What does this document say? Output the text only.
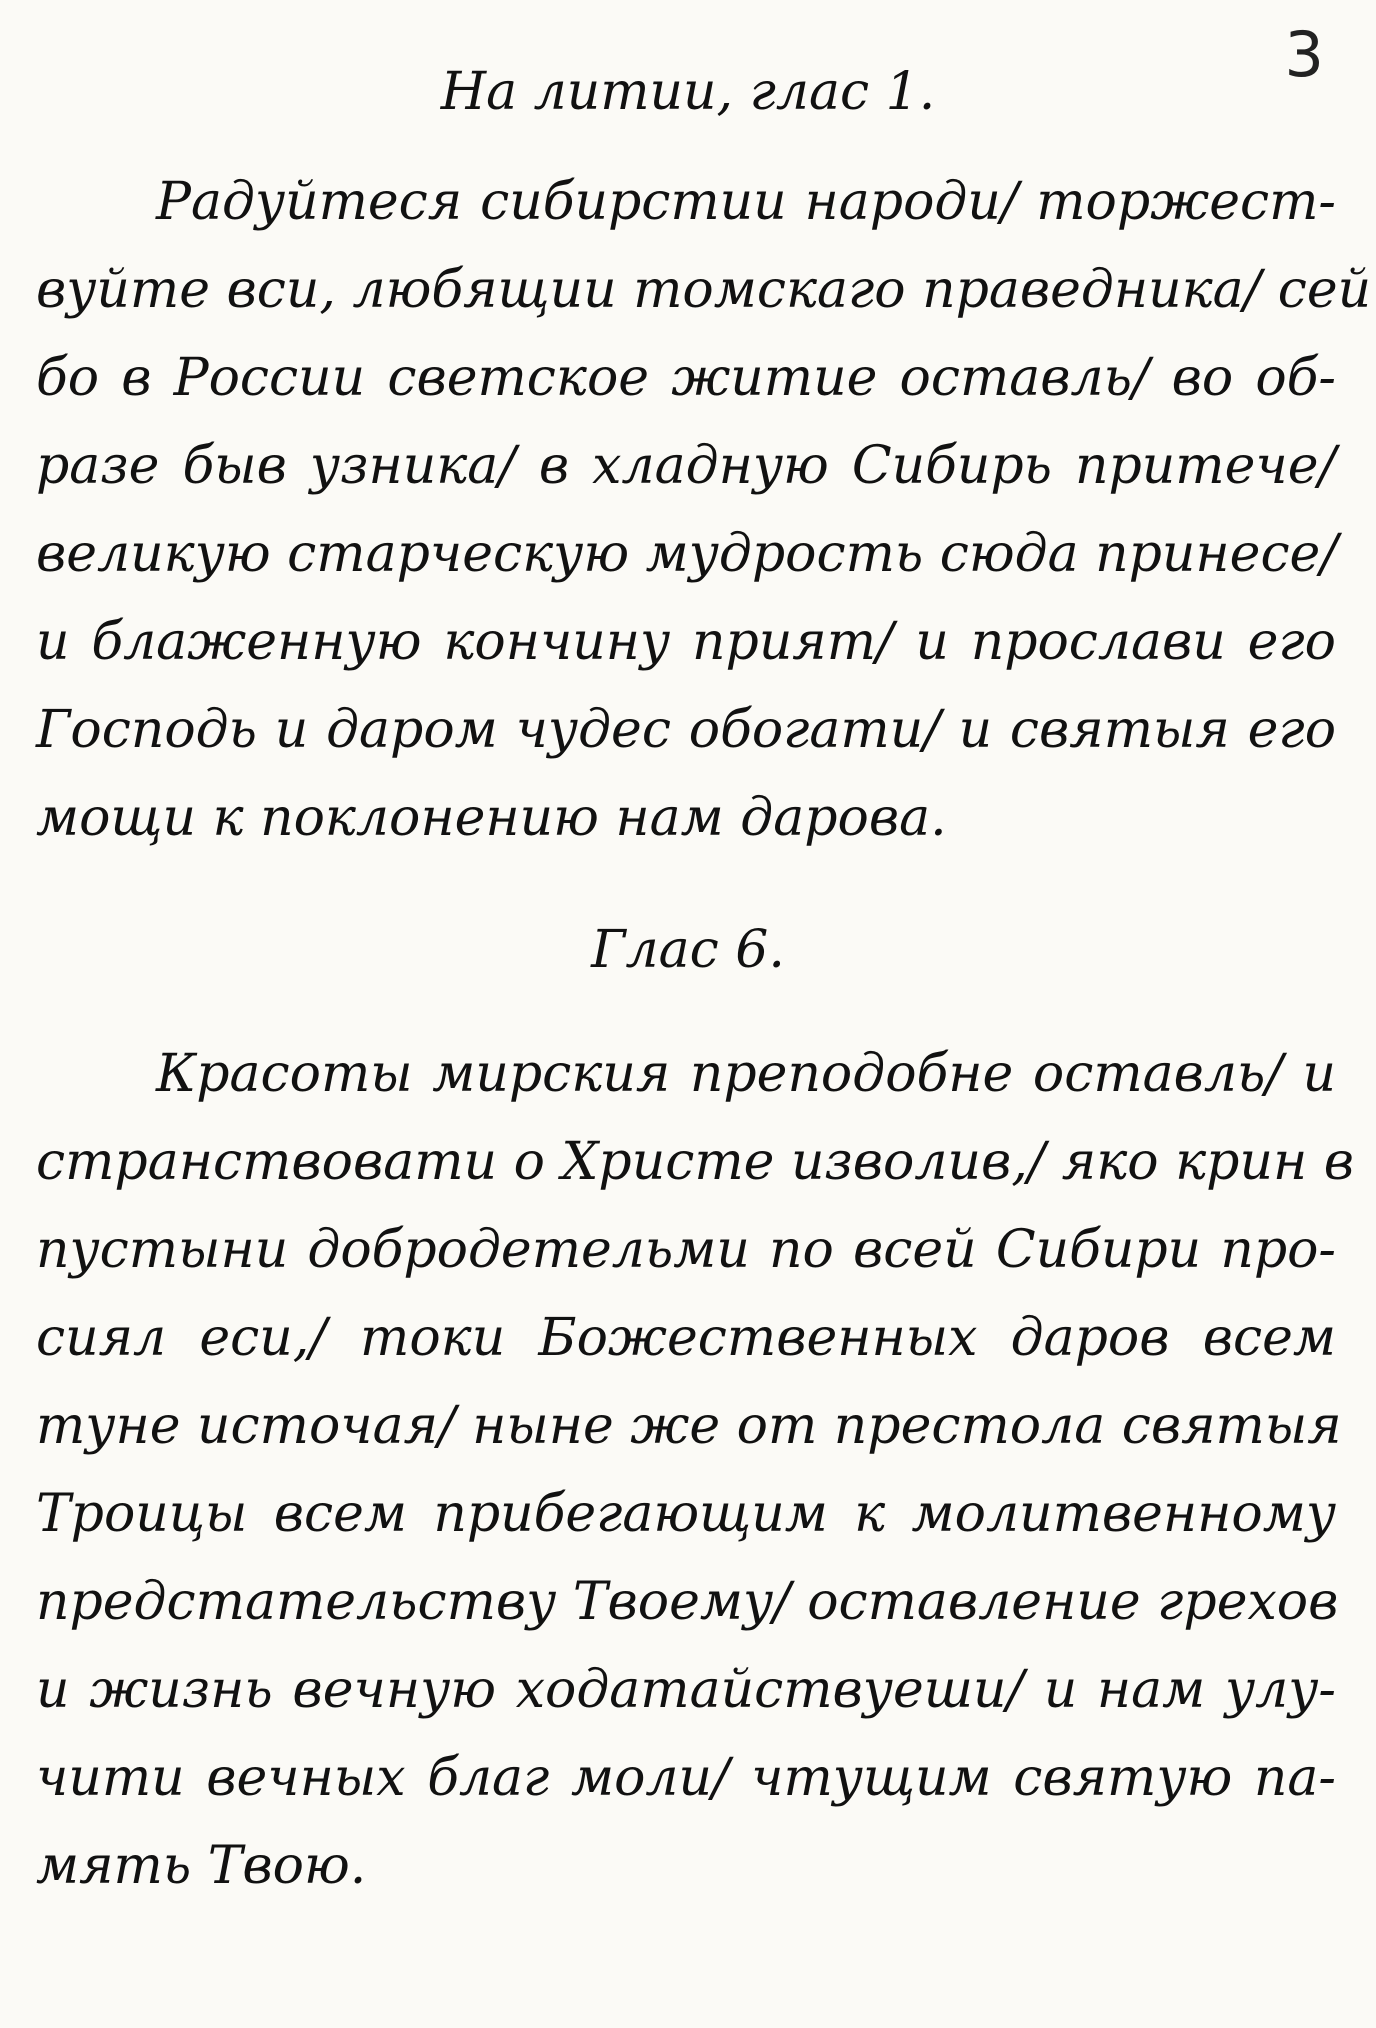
3
На литии, глас 1.
Радуйтеся сибирстии народи/ торжест-
вуйте вси, любящии томскаго праведника/ сей
бо в России светское житие оставль/ во об-
разе быв узника/ в хладную Сибирь притече/
великую старческую мудрость сюда принесе/
и блаженную кончину прият/ и прослави его
Господь и даром чудес обогати/ и святыя его
мощи к поклонению нам дарова.
Глас 6.
Красоты мирския преподобне оставль/ и
странствовати о Христе изволив,/ яко крин в
пустыни добродетельми по всей Сибири про-
сиял еси,/ токи Божественных даров всем
туне источая/ ныне же от престола святыя
Троицы всем прибегающим к молитвенному
предстательству Твоему/ оставление грехов
и жизнь вечную ходатайствуеши/ и нам улу-
чити вечных благ моли/ чтущим святую па-
мять Твою.
